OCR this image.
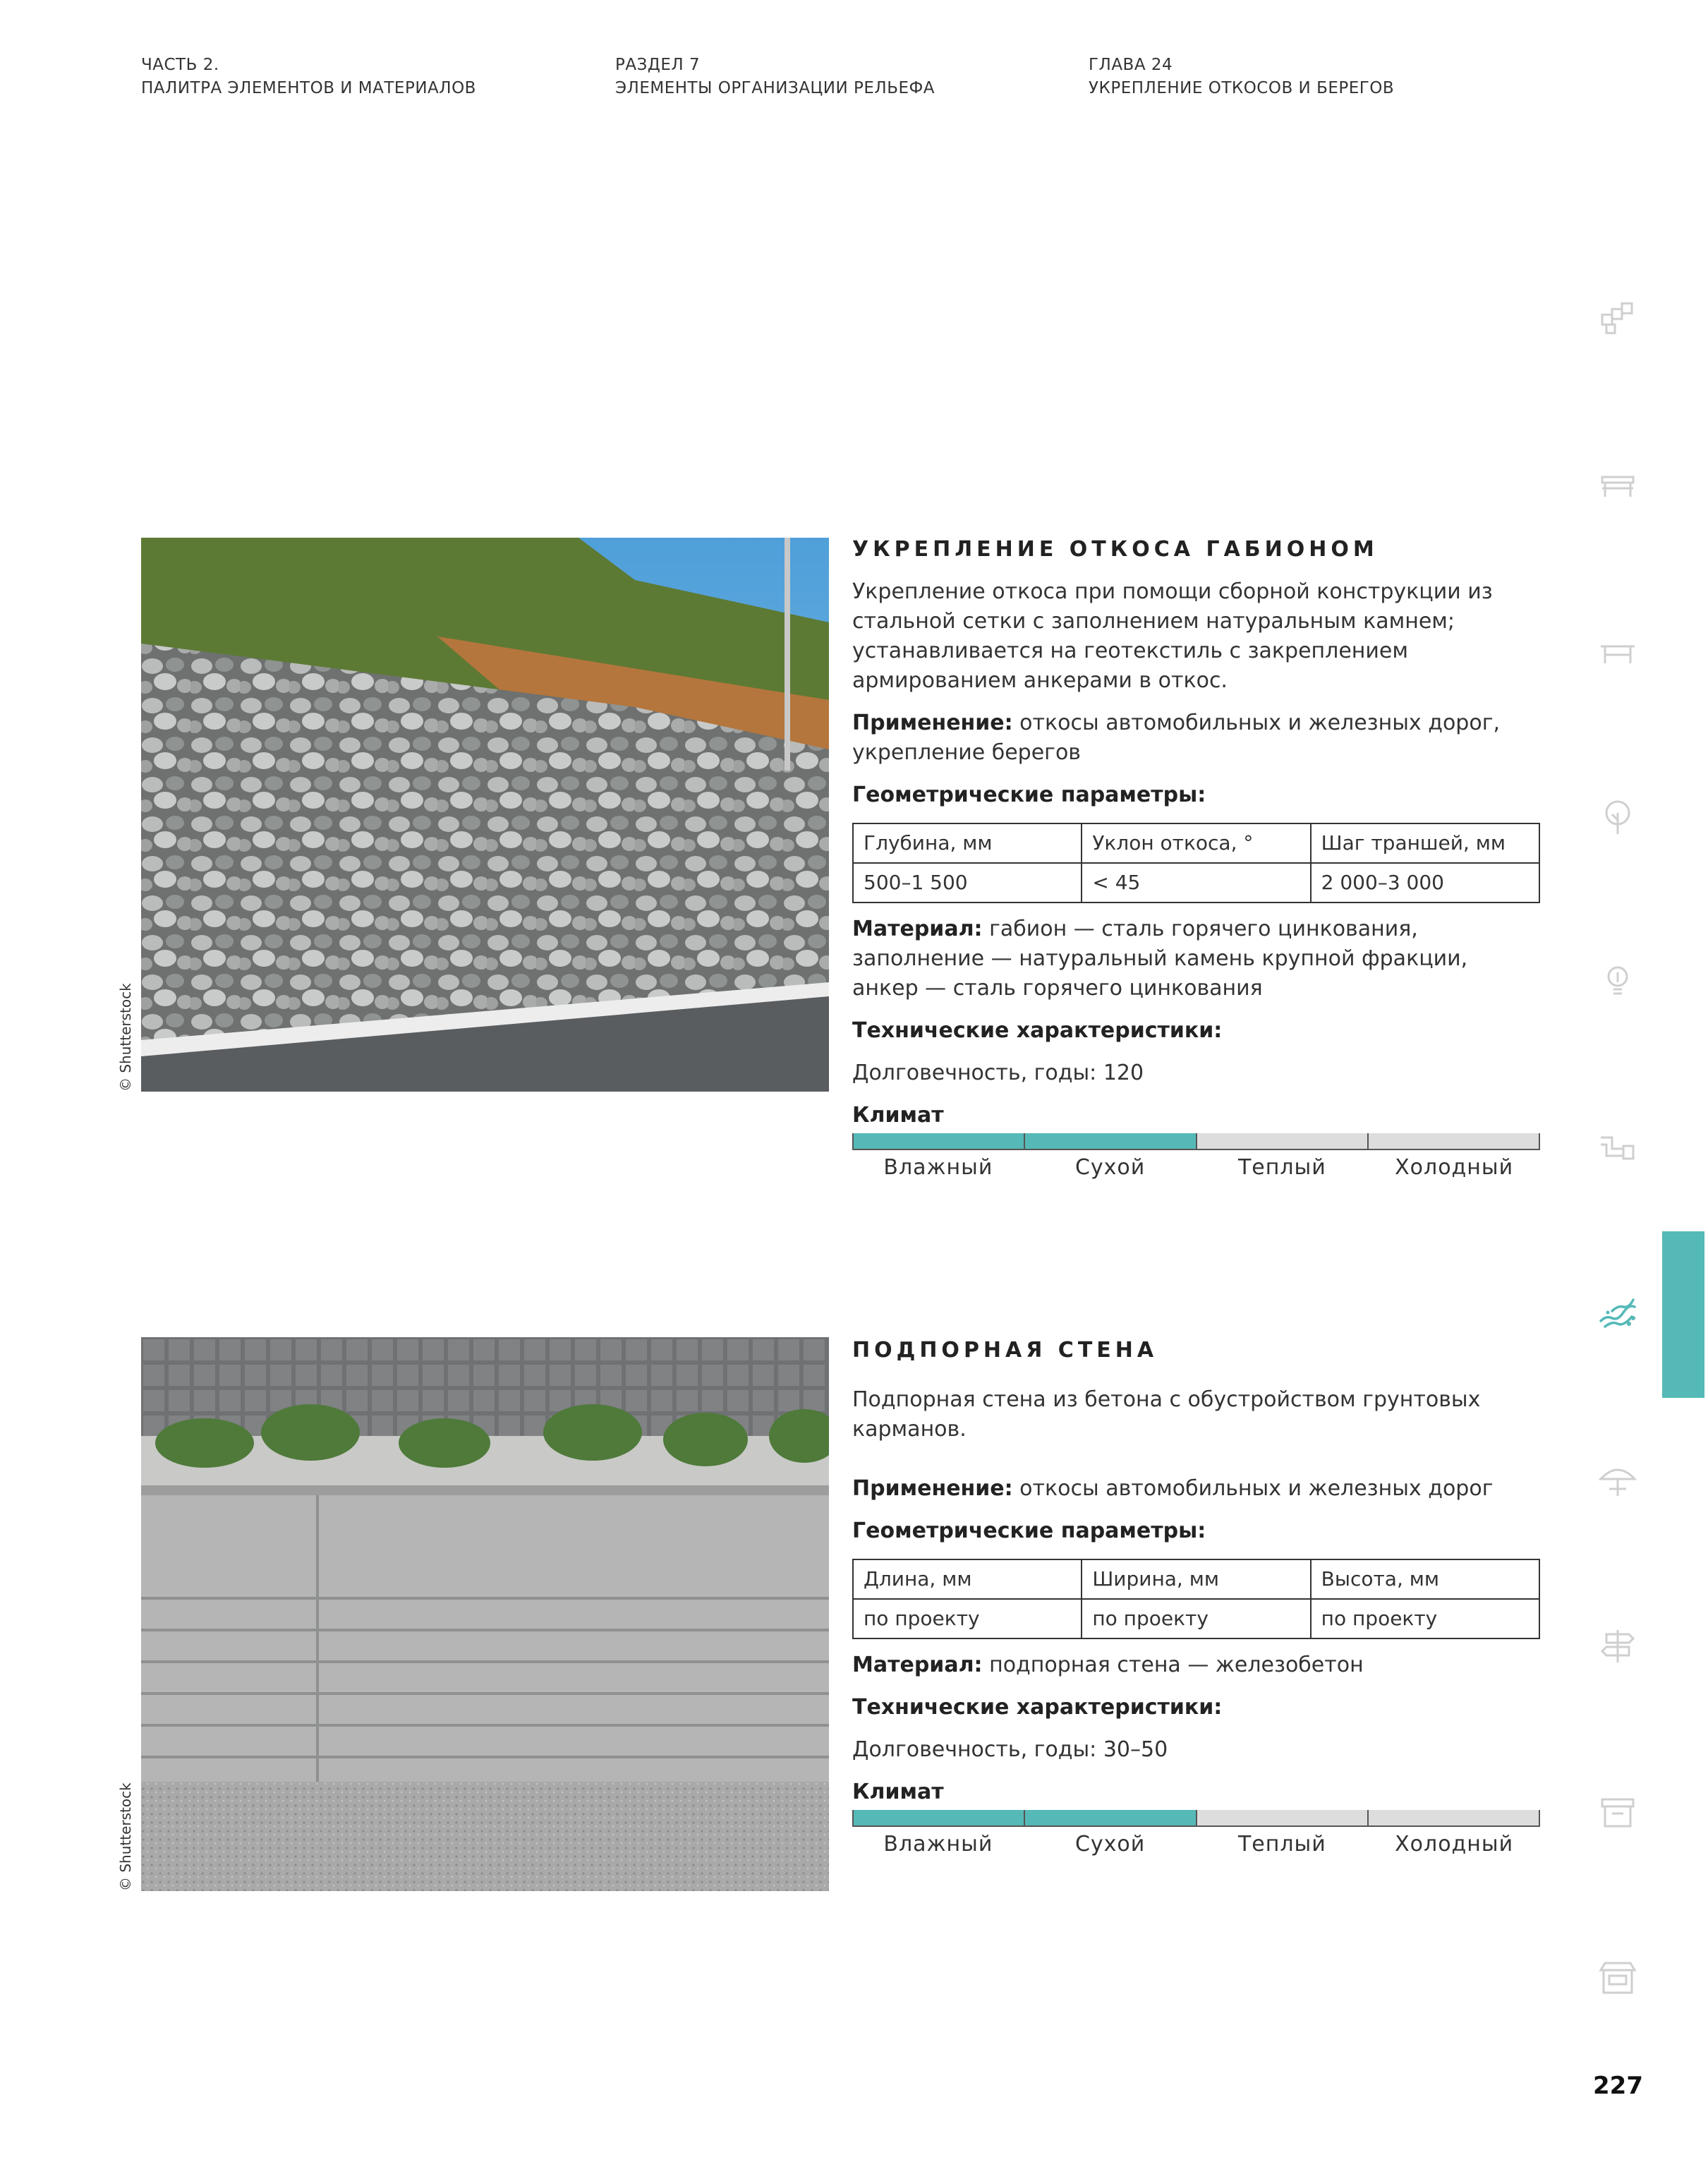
ЧАСТЬ 2.
ПАЛИТРА ЭЛЕМЕНТОВ И МАТЕРИАЛОВ
РАЗДЕЛ 7
ЭЛЕМЕНТЫ ОРГАНИЗАЦИИ РЕЛЬЕФА
ГЛАВА 24
УКРЕПЛЕНИЕ ОТКОСОВ И БЕРЕГОВ
© Shutterstock
УКРЕПЛЕНИЕ ОТКОСА ГАБИОНОМ

Укрепление откоса при помощи сборной конструкции из стальной сетки с заполнением натуральным камнем; устанавливается на геотекстиль с закреплением армированием анкерами в откос.

Применение: откосы автомобильных и железных дорог, укрепление берегов

Геометрические параметры:

Глубина, мм	Уклон откоса, °	Шаг траншей, мм
500–1 500	< 45	2 000–3 000

Материал: габион — сталь горячего цинкования, заполнение — натуральный камень крупной фракции, анкер — сталь горячего цинкования

Технические характеристики:

Долговечность, годы: 120

Климат
Влажный	Сухой	Теплый	Холодный
© Shutterstock
ПОДПОРНАЯ СТЕНА

Подпорная стена из бетона с обустройством грунтовых карманов.

Применение: откосы автомобильных и железных дорог

Геометрические параметры:

Длина, мм	Ширина, мм	Высота, мм
по проекту	по проекту	по проекту

Материал: подпорная стена — железобетон

Технические характеристики:

Долговечность, годы: 30–50

Климат
Влажный	Сухой	Теплый	Холодный
227
